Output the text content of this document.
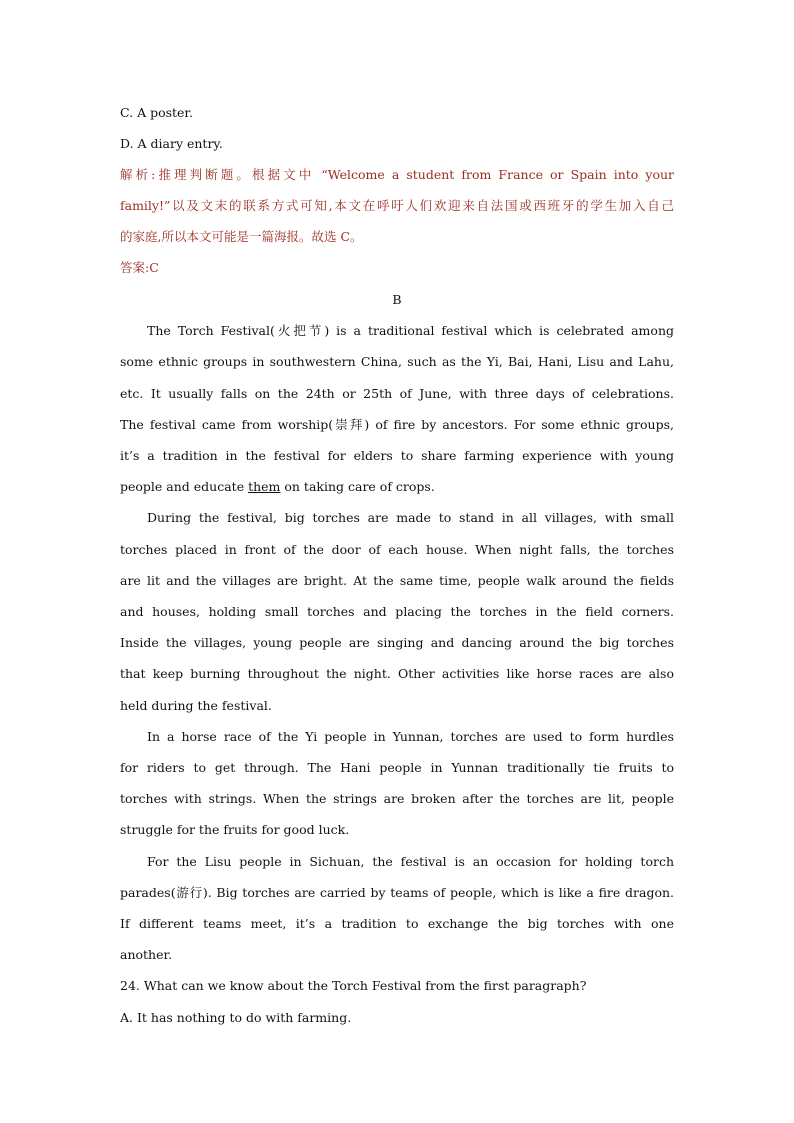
C. A poster.
D. A diary entry.
解析:推理判断题。根据文中 “Welcome a student from France or Spain into your
family!”以及文末的联系方式可知,本文在呼吁人们欢迎来自法国或西班牙的学生加入自己
的家庭,所以本文可能是一篇海报。故选 C。
答案:C
B
The Torch Festival(火把节) is a traditional festival which is celebrated among
some ethnic groups in southwestern China, such as the Yi, Bai, Hani, Lisu and Lahu,
etc. It usually falls on the 24th or 25th of June, with three days of celebrations.
The festival came from worship(崇拜) of fire by ancestors. For some ethnic groups,
it’s a tradition in the festival for elders to share farming experience with young
people and educate them on taking care of crops.
During the festival, big torches are made to stand in all villages, with small
torches placed in front of the door of each house. When night falls, the torches
are lit and the villages are bright. At the same time, people walk around the fields
and houses, holding small torches and placing the torches in the field corners.
Inside the villages, young people are singing and dancing around the big torches
that keep burning throughout the night. Other activities like horse races are also
held during the festival.
In a horse race of the Yi people in Yunnan, torches are used to form hurdles
for riders to get through. The Hani people in Yunnan traditionally tie fruits to
torches with strings. When the strings are broken after the torches are lit, people
struggle for the fruits for good luck.
For the Lisu people in Sichuan, the festival is an occasion for holding torch
parades(游行). Big torches are carried by teams of people, which is like a fire dragon.
If different teams meet, it’s a tradition to exchange the big torches with one
another.
24. What can we know about the Torch Festival from the first paragraph?
A. It has nothing to do with farming.
